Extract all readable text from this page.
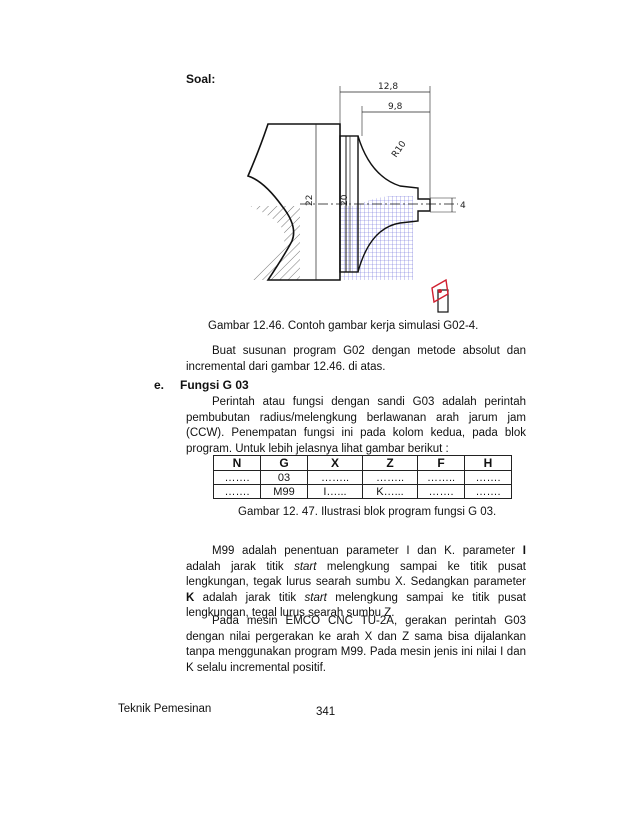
Soal:
12,8
9,8
R10
22	20	4
Gambar 12.46. Contoh gambar kerja simulasi G02-4.
Buat susunan program G02 dengan metode absolut dan incremental dari gambar 12.46. di atas.
e. Fungsi G 03
Perintah atau fungsi dengan sandi G03 adalah perintah pembubutan radius/melengkung berlawanan arah jarum jam (CCW). Penempatan fungsi ini pada kolom kedua, pada blok program. Untuk lebih jelasnya lihat gambar berikut :
N	G	X	Z	F	H
…….	03	……..	……..	……..	…….
…….	M99	I…...	K…...	…….	…….
Gambar 12. 47. Ilustrasi blok program fungsi G 03.
M99 adalah penentuan parameter I dan K. parameter I adalah jarak titik start melengkung sampai ke titik pusat lengkungan, tegak lurus searah sumbu X. Sedangkan parameter K adalah jarak titik start melengkung sampai ke titik pusat lengkungan, tegal lurus searah sumbu Z.
Pada mesin EMCO CNC TU-2A, gerakan perintah G03 dengan nilai pergerakan ke arah X dan Z sama bisa dijalankan tanpa menggunakan program M99. Pada mesin jenis ini nilai I dan K selalu incremental positif.
Teknik Pemesinan	341
